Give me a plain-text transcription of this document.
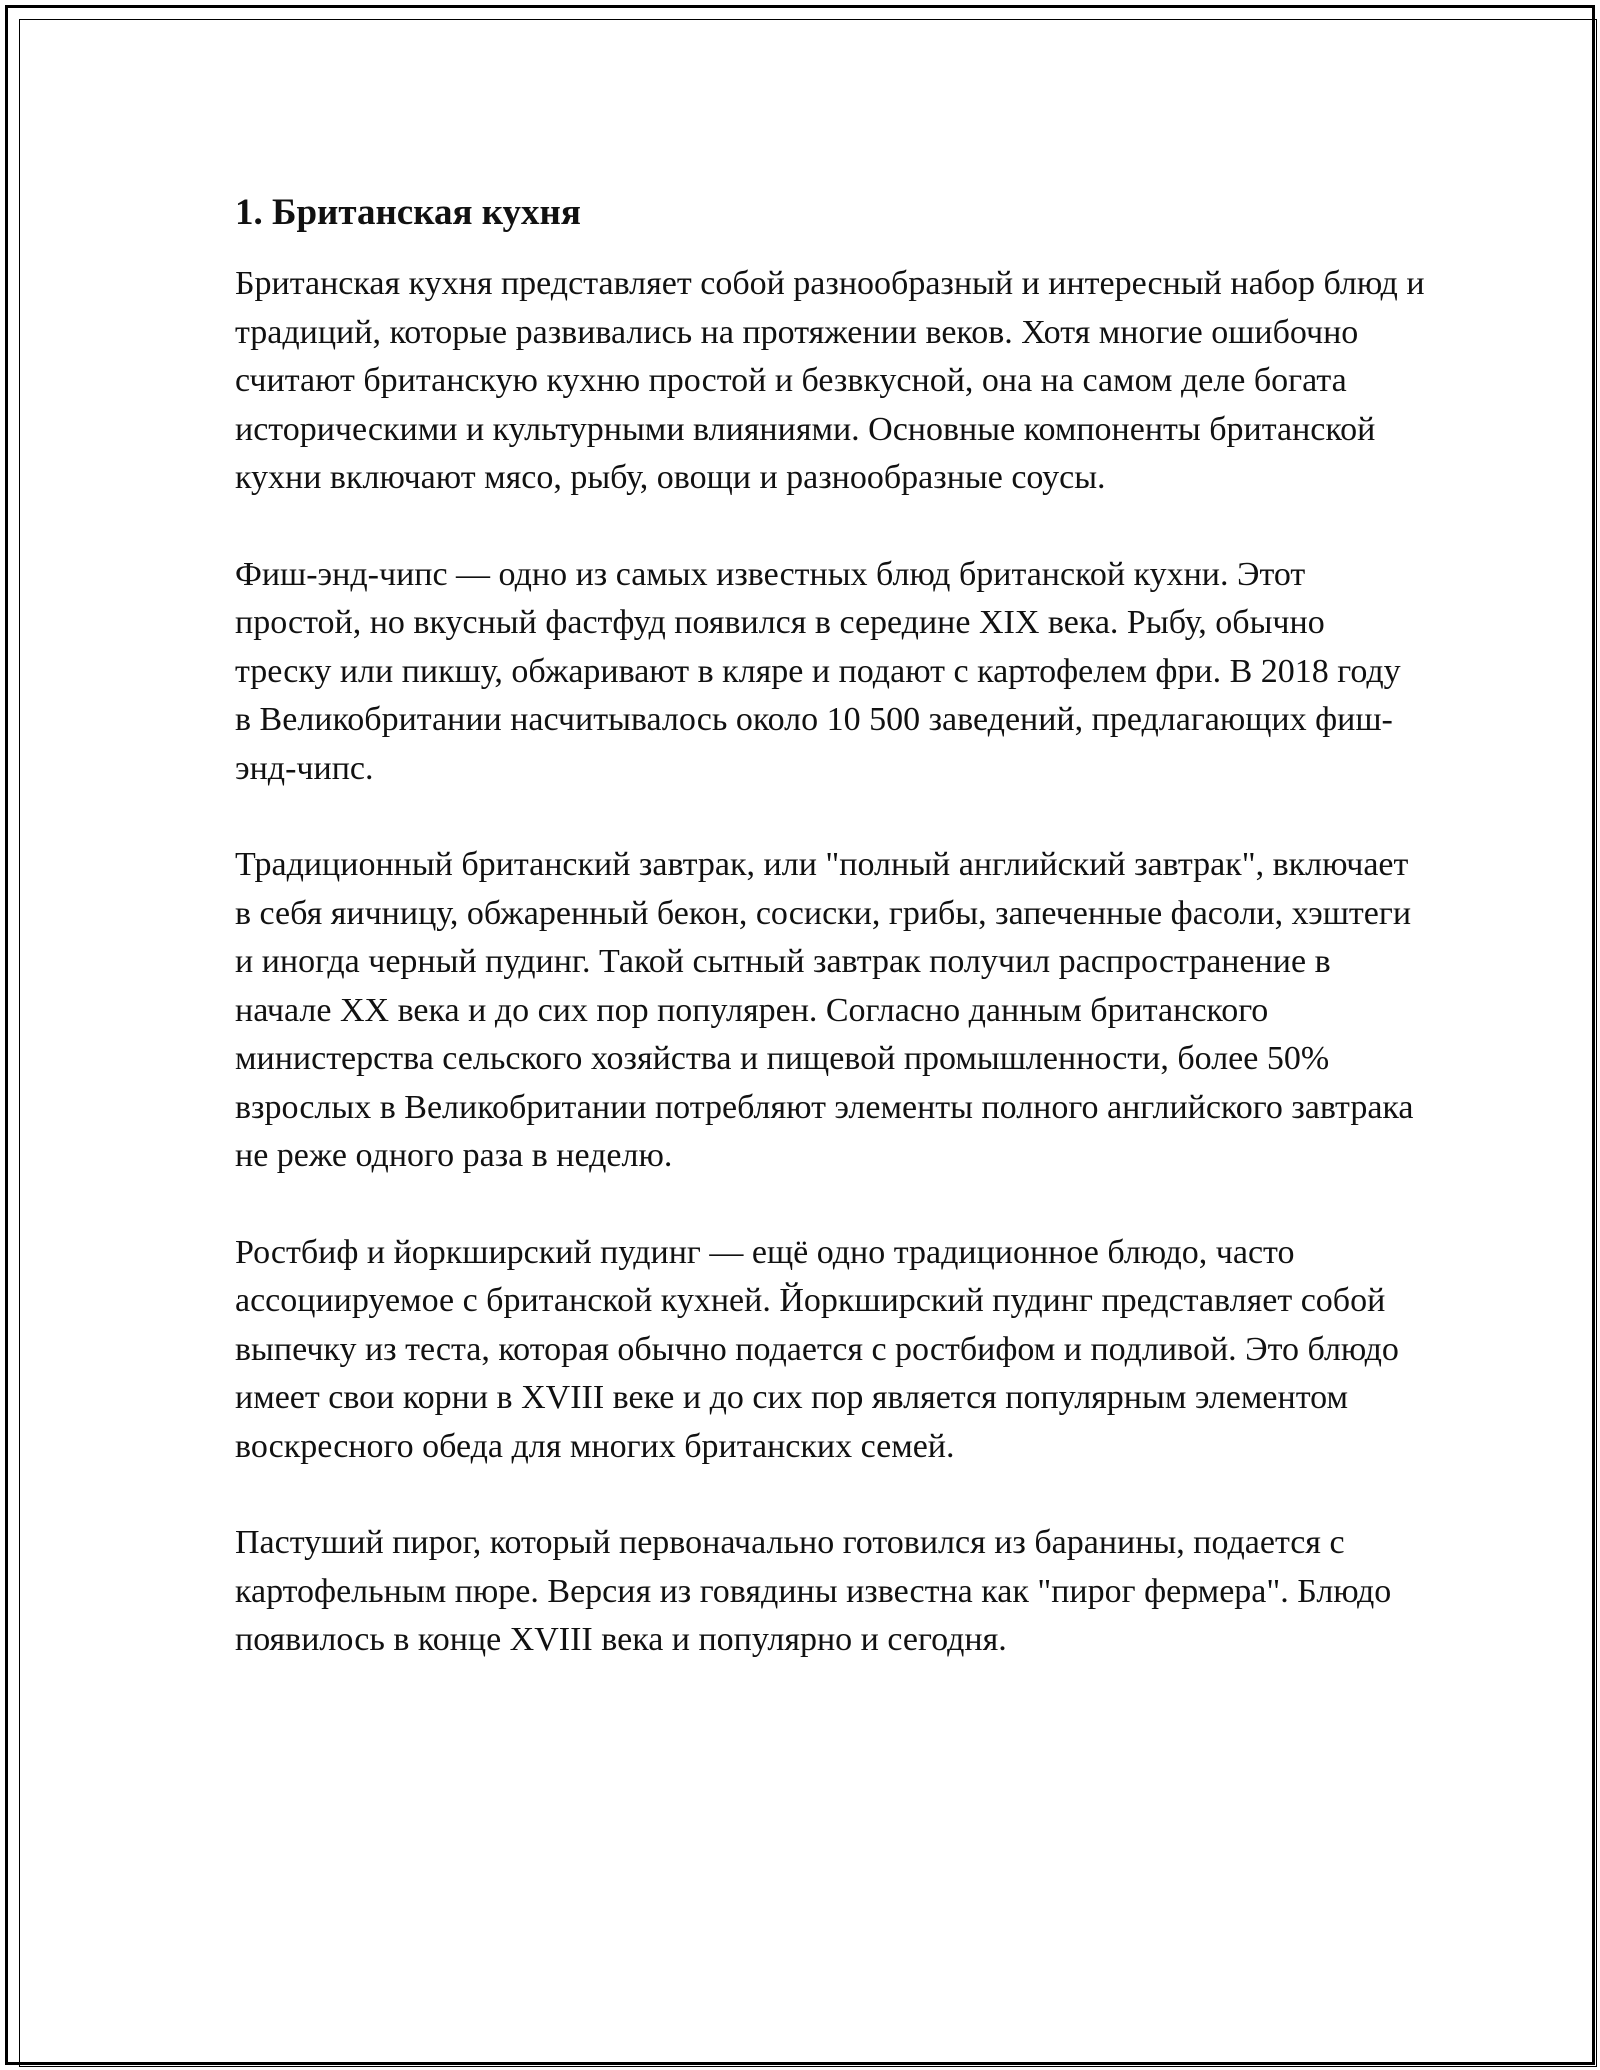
1. Британская кухня

Британская кухня представляет собой разнообразный и интересный набор блюд и традиций, которые развивались на протяжении веков. Хотя многие ошибочно считают британскую кухню простой и безвкусной, она на самом деле богата историческими и культурными влияниями. Основные компоненты британской кухни включают мясо, рыбу, овощи и разнообразные соусы.

Фиш-энд-чипс — одно из самых известных блюд британской кухни. Этот простой, но вкусный фастфуд появился в середине XIX века. Рыбу, обычно треску или пикшу, обжаривают в кляре и подают с картофелем фри. В 2018 году в Великобритании насчитывалось около 10 500 заведений, предлагающих фиш-энд-чипс.

Традиционный британский завтрак, или "полный английский завтрак", включает в себя яичницу, обжаренный бекон, сосиски, грибы, запеченные фасоли, хэштеги и иногда черный пудинг. Такой сытный завтрак получил распространение в начале XX века и до сих пор популярен. Согласно данным британского министерства сельского хозяйства и пищевой промышленности, более 50% взрослых в Великобритании потребляют элементы полного английского завтрака не реже одного раза в неделю.

Ростбиф и йоркширский пудинг — ещё одно традиционное блюдо, часто ассоциируемое с британской кухней. Йоркширский пудинг представляет собой выпечку из теста, которая обычно подается с ростбифом и подливой. Это блюдо имеет свои корни в XVIII веке и до сих пор является популярным элементом воскресного обеда для многих британских семей.

Пастуший пирог, который первоначально готовился из баранины, подается с картофельным пюре. Версия из говядины известна как "пирог фермера". Блюдо появилось в конце XVIII века и популярно и сегодня.
